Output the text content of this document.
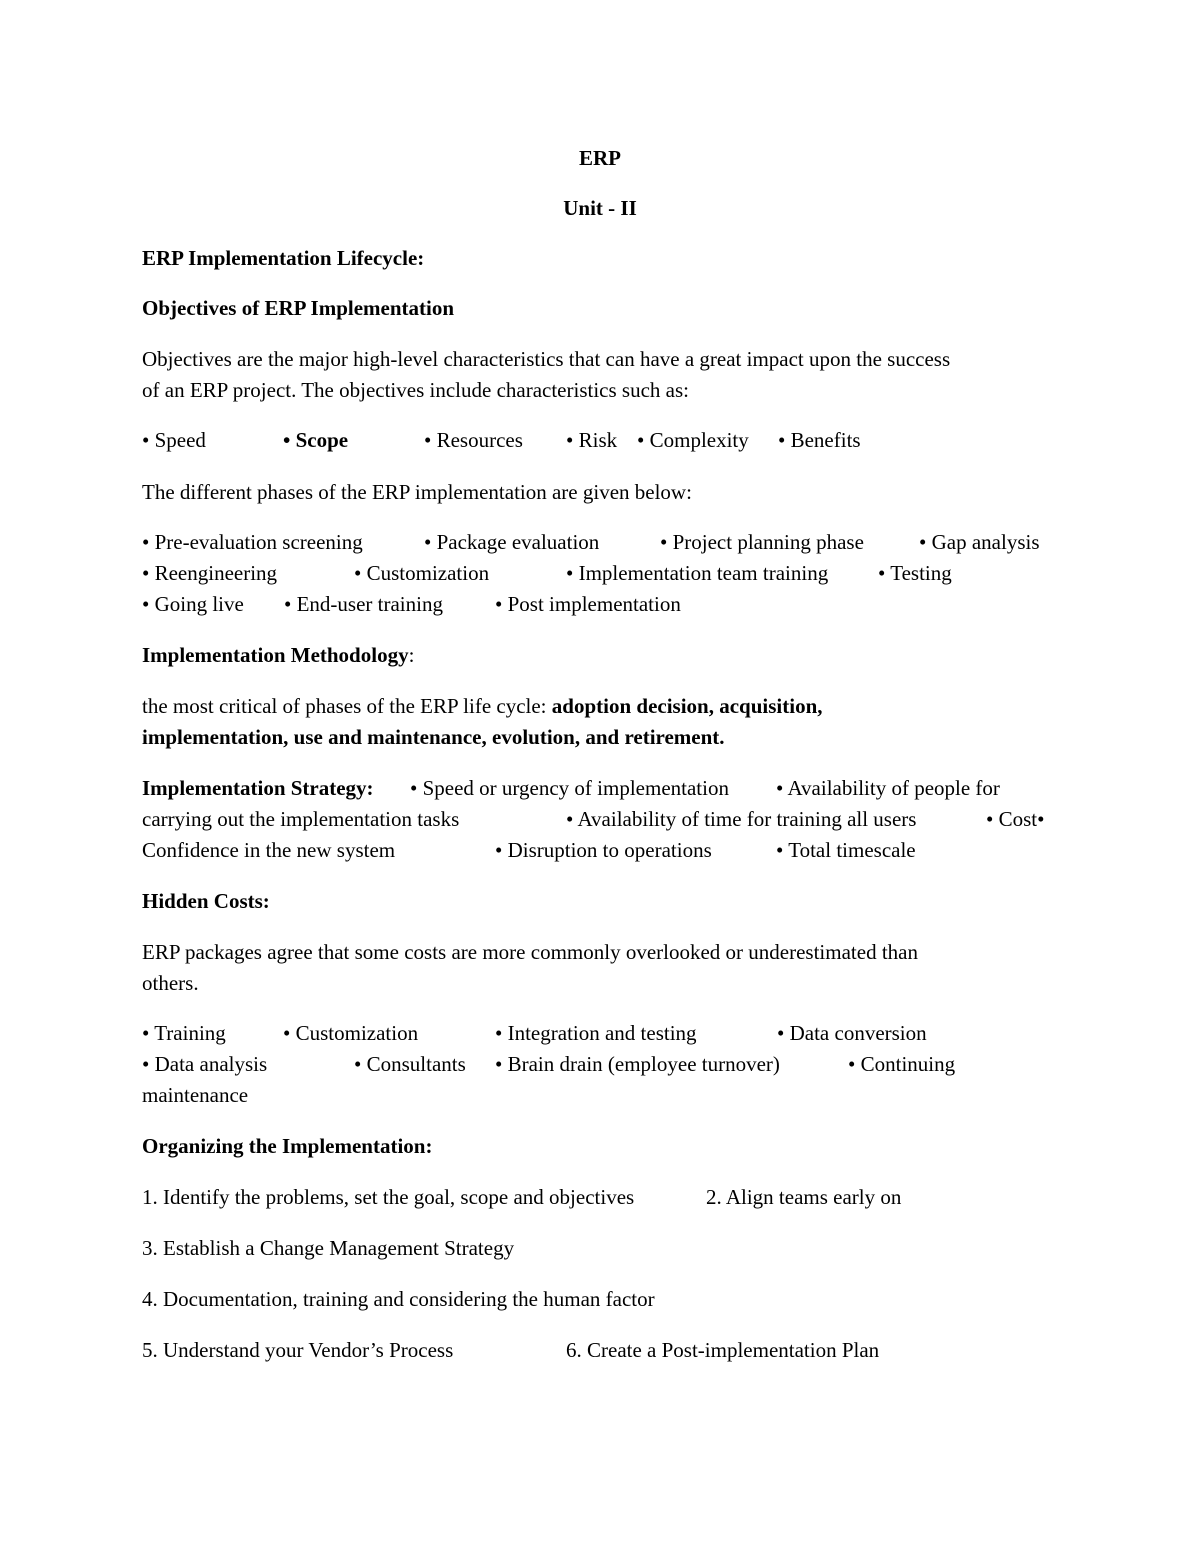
ERP
Unit - II
ERP Implementation Lifecycle:
Objectives of ERP Implementation
Objectives are the major high-level characteristics that can have a great impact upon the success
of an ERP project. The objectives include characteristics such as:
• Speed	• Scope	• Resources • Risk • Complexity • Benefits
The different phases of the ERP implementation are given below:
• Pre-evaluation screening	• Package evaluation	• Project planning phase	• Gap analysis
• Reengineering	• Customization	• Implementation team training • Testing
• Going live • End-user training • Post implementation
Implementation Methodology:
the most critical of phases of the ERP life cycle: adoption decision, acquisition,
implementation, use and maintenance, evolution, and retirement.
Implementation Strategy: • Speed or urgency of implementation • Availability of people for
carrying out the implementation tasks	• Availability of time for training all users	• Cost•
Confidence in the new system	• Disruption to operations	• Total timescale
Hidden Costs:
ERP packages agree that some costs are more commonly overlooked or underestimated than
others.
• Training	• Customization	• Integration and testing	• Data conversion
• Data analysis	• Consultants • Brain drain (employee turnover)	• Continuing
maintenance
Organizing the Implementation:
1. Identify the problems, set the goal, scope and objectives	2. Align teams early on
3. Establish a Change Management Strategy
4. Documentation, training and considering the human factor
5. Understand your Vendor’s Process	6. Create a Post-implementation Plan
